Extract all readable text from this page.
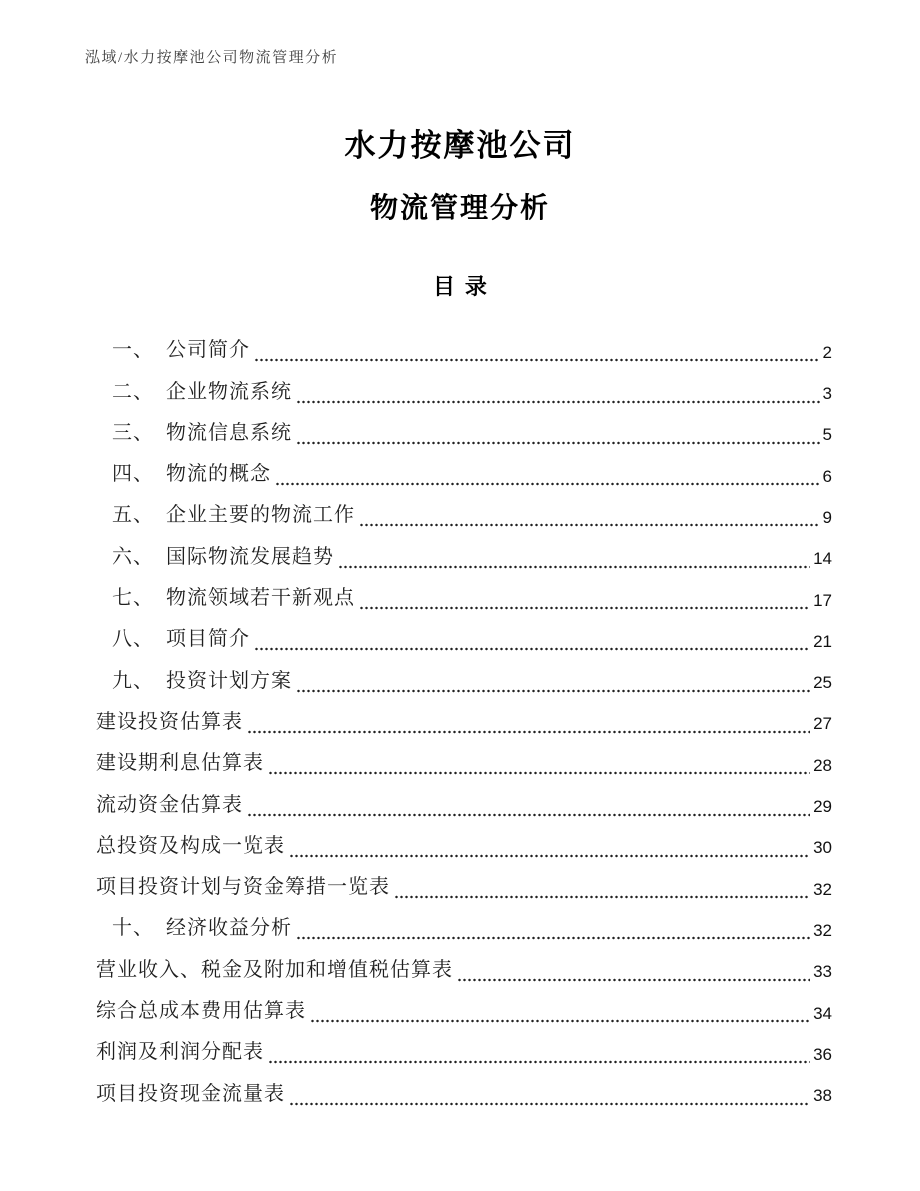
泓域/水力按摩池公司物流管理分析
水力按摩池公司
物流管理分析
目录
一、 公司简介	2
二、 企业物流系统	3
三、 物流信息系统	5
四、 物流的概念	6
五、 企业主要的物流工作	9
六、 国际物流发展趋势	14
七、 物流领域若干新观点	17
八、 项目简介	21
九、 投资计划方案	25
建设投资估算表	27
建设期利息估算表	28
流动资金估算表	29
总投资及构成一览表	30
项目投资计划与资金筹措一览表	32
十、 经济收益分析	32
营业收入、税金及附加和增值税估算表	33
综合总成本费用估算表	34
利润及利润分配表	36
项目投资现金流量表	38
